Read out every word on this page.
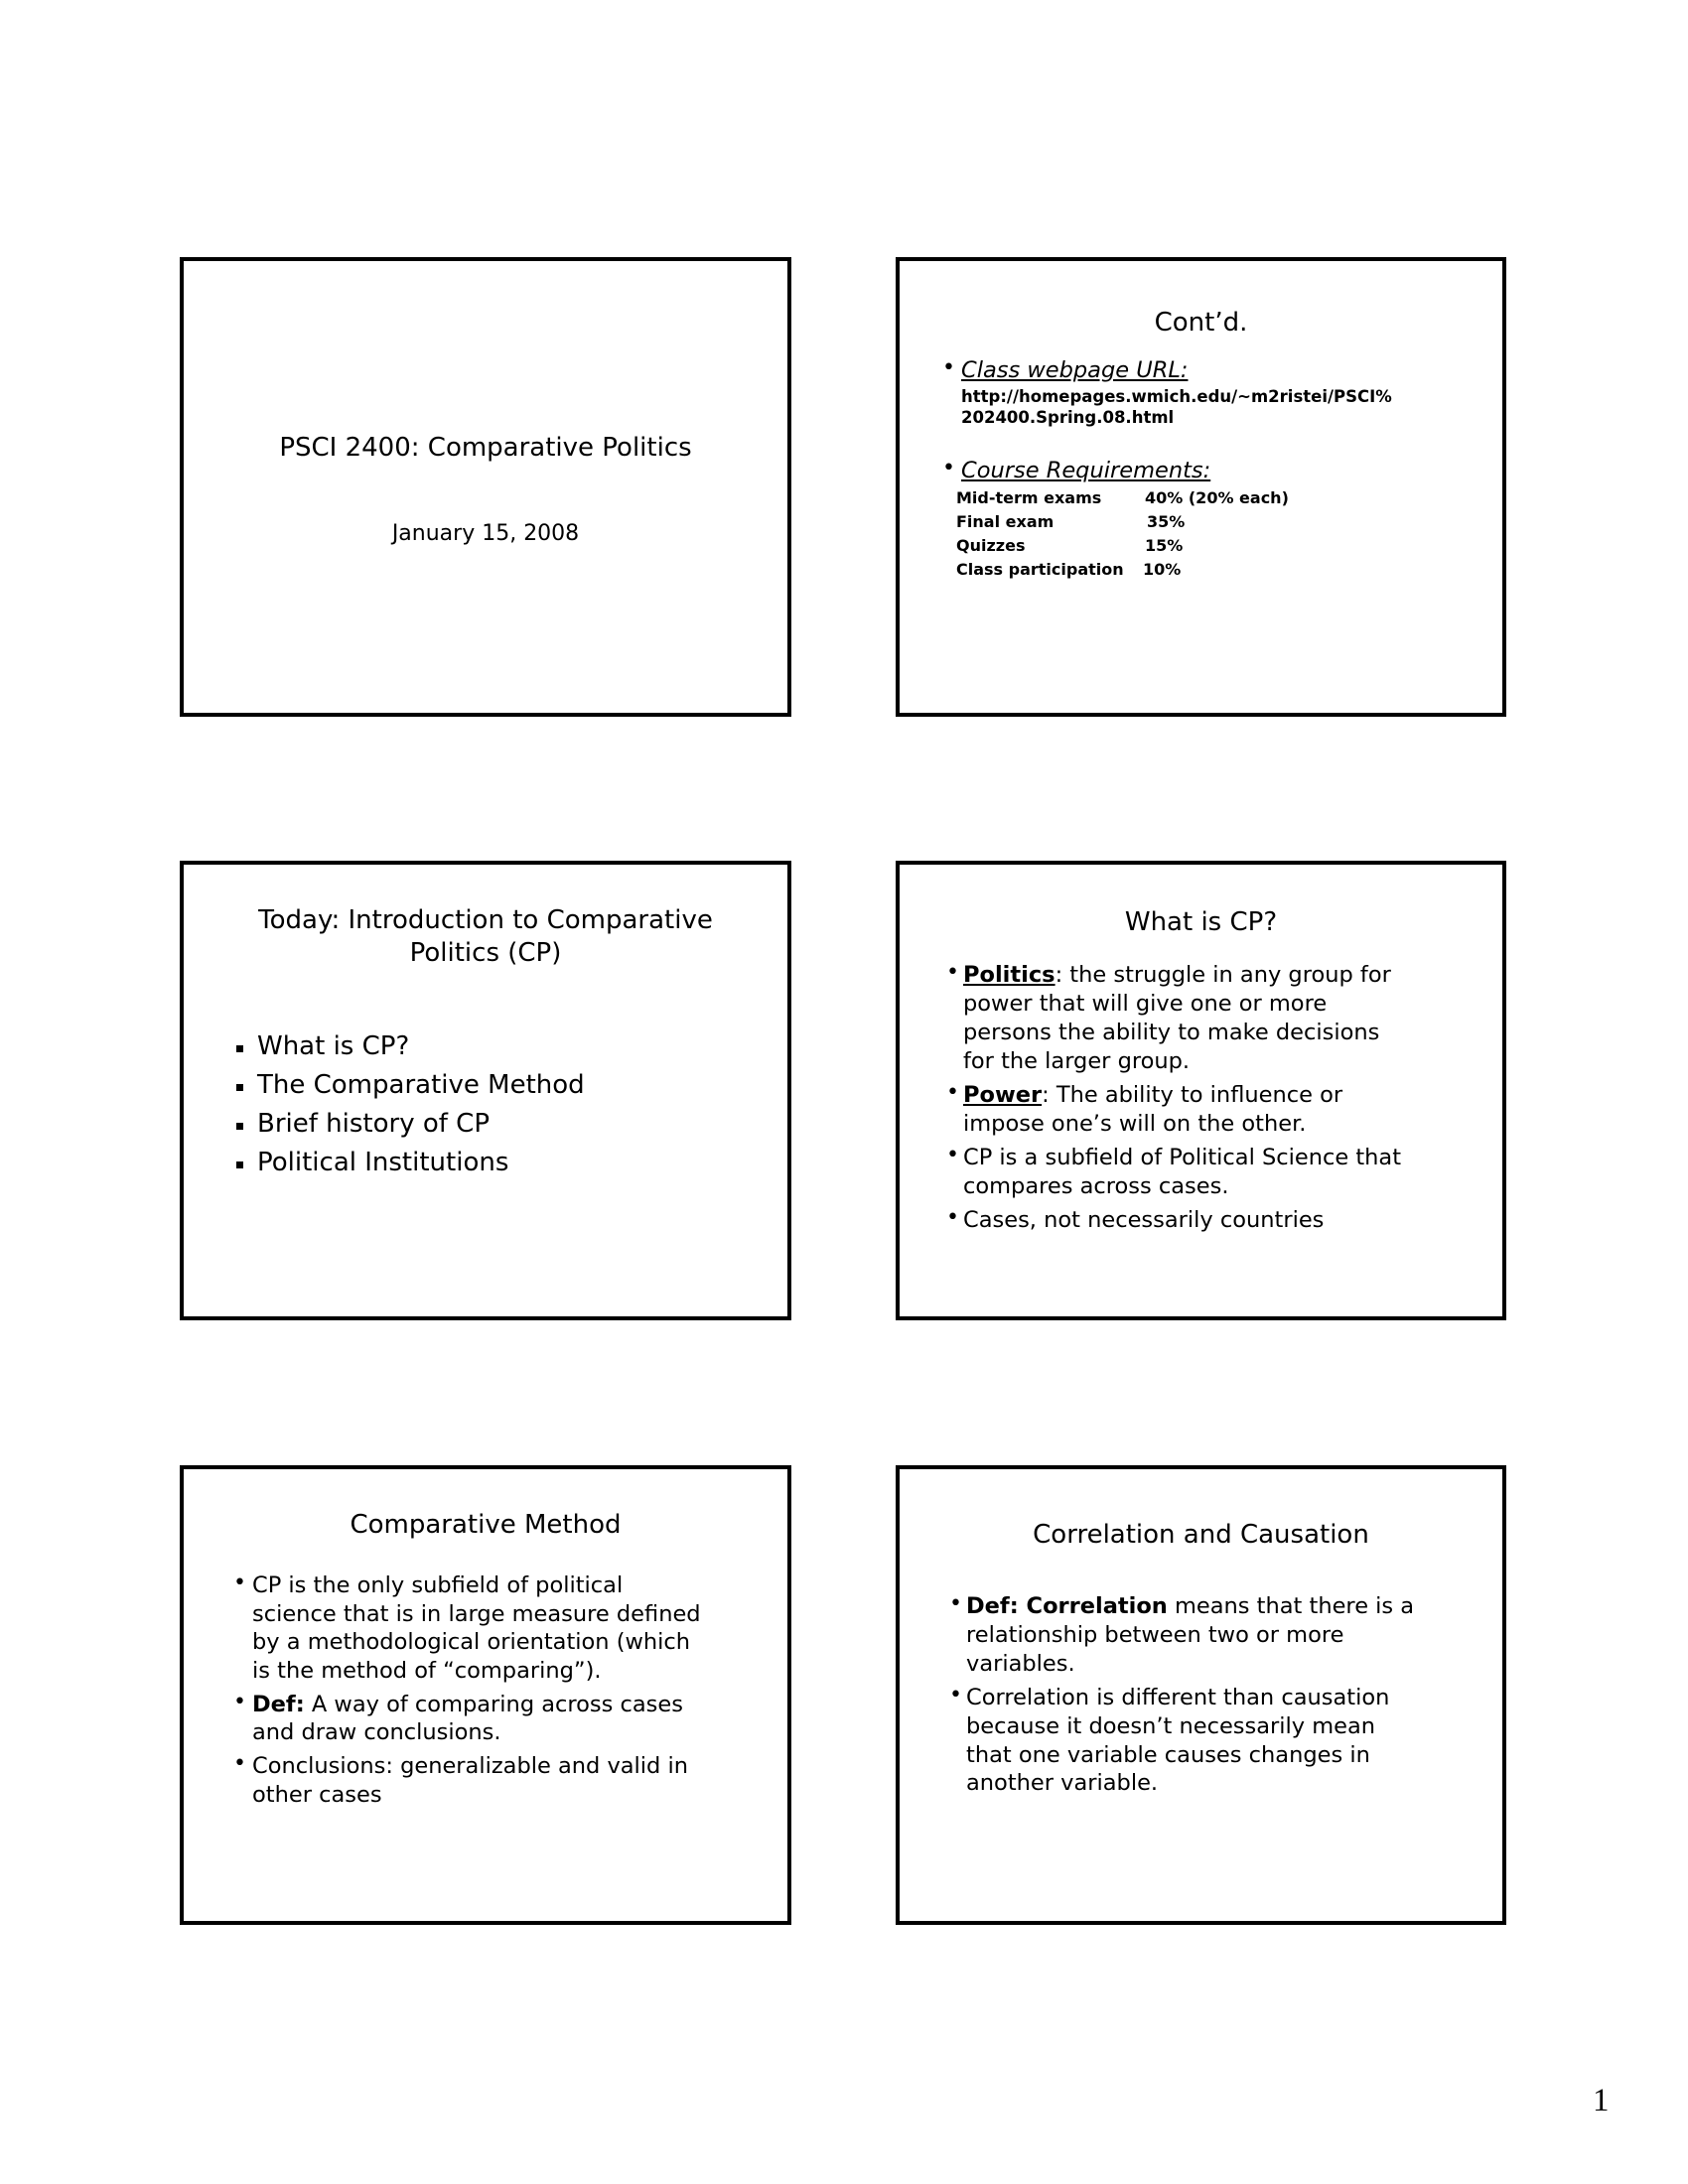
PSCI 2400: Comparative Politics
January 15, 2008
Cont’d.
• Class webpage URL:
http://homepages.wmich.edu/~m2ristei/PSCI%
202400.Spring.08.html
• Course Requirements:
Mid-term exams	40% (20% each)
Final exam	35%
Quizzes	15%
Class participation 10%
Today: Introduction to Comparative
Politics (CP)
What is CP?
The Comparative Method
Brief history of CP
Political Institutions
What is CP?
• Politics: the struggle in any group for
power that will give one or more
persons the ability to make decisions
for the larger group.
• Power: The ability to influence or
impose one’s will on the other.
• CP is a subfield of Political Science that
compares across cases.
• Cases, not necessarily countries
Comparative Method
• CP is the only subfield of political
science that is in large measure defined
by a methodological orientation (which
is the method of “comparing”).
• Def: A way of comparing across cases
and draw conclusions.
• Conclusions: generalizable and valid in
other cases
Correlation and Causation
• Def: Correlation means that there is a
relationship between two or more
variables.
• Correlation is different than causation
because it doesn’t necessarily mean
that one variable causes changes in
another variable.
1
